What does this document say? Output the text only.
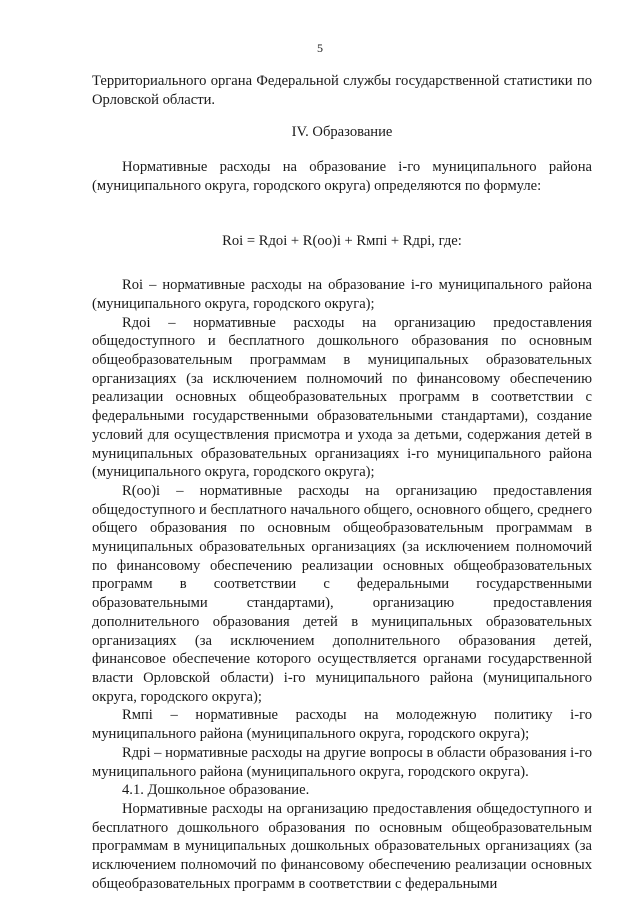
5

Территориального органа Федеральной службы государственной статистики по Орловской области.

IV. Образование

Нормативные расходы на образование i-го муниципального района (муниципального округа, городского округа) определяются по формуле:

Roi = Rдoi + R(oo)i + Rмпi + Rдpi, где:

Roi – нормативные расходы на образование i-го муниципального района (муниципального округа, городского округа);

Rдoi – нормативные расходы на организацию предоставления общедоступного и бесплатного дошкольного образования по основным общеобразовательным программам в муниципальных образовательных организациях (за исключением полномочий по финансовому обеспечению реализации основных общеобразовательных программ в соответствии с федеральными государственными образовательными стандартами), создание условий для осуществления присмотра и ухода за детьми, содержания детей в муниципальных образовательных организациях i-го муниципального района (муниципального округа, городского округа);

R(oo)i – нормативные расходы на организацию предоставления общедоступного и бесплатного начального общего, основного общего, среднего общего образования по основным общеобразовательным программам в муниципальных образовательных организациях (за исключением полномочий по финансовому обеспечению реализации основных общеобразовательных программ в соответствии с федеральными государственными образовательными стандартами), организацию предоставления дополнительного образования детей в муниципальных образовательных организациях (за исключением дополнительного образования детей, финансовое обеспечение которого осуществляется органами государственной власти Орловской области) i-го муниципального района (муниципального округа, городского округа);

Rмпi – нормативные расходы на молодежную политику i-го муниципального района (муниципального округа, городского округа);

Rдpi – нормативные расходы на другие вопросы в области образования i-го муниципального района (муниципального округа, городского округа).

4.1. Дошкольное образование.

Нормативные расходы на организацию предоставления общедоступного и бесплатного дошкольного образования по основным общеобразовательным программам в муниципальных дошкольных образовательных организациях (за исключением полномочий по финансовому обеспечению реализации основных общеобразовательных программ в соответствии с федеральными
